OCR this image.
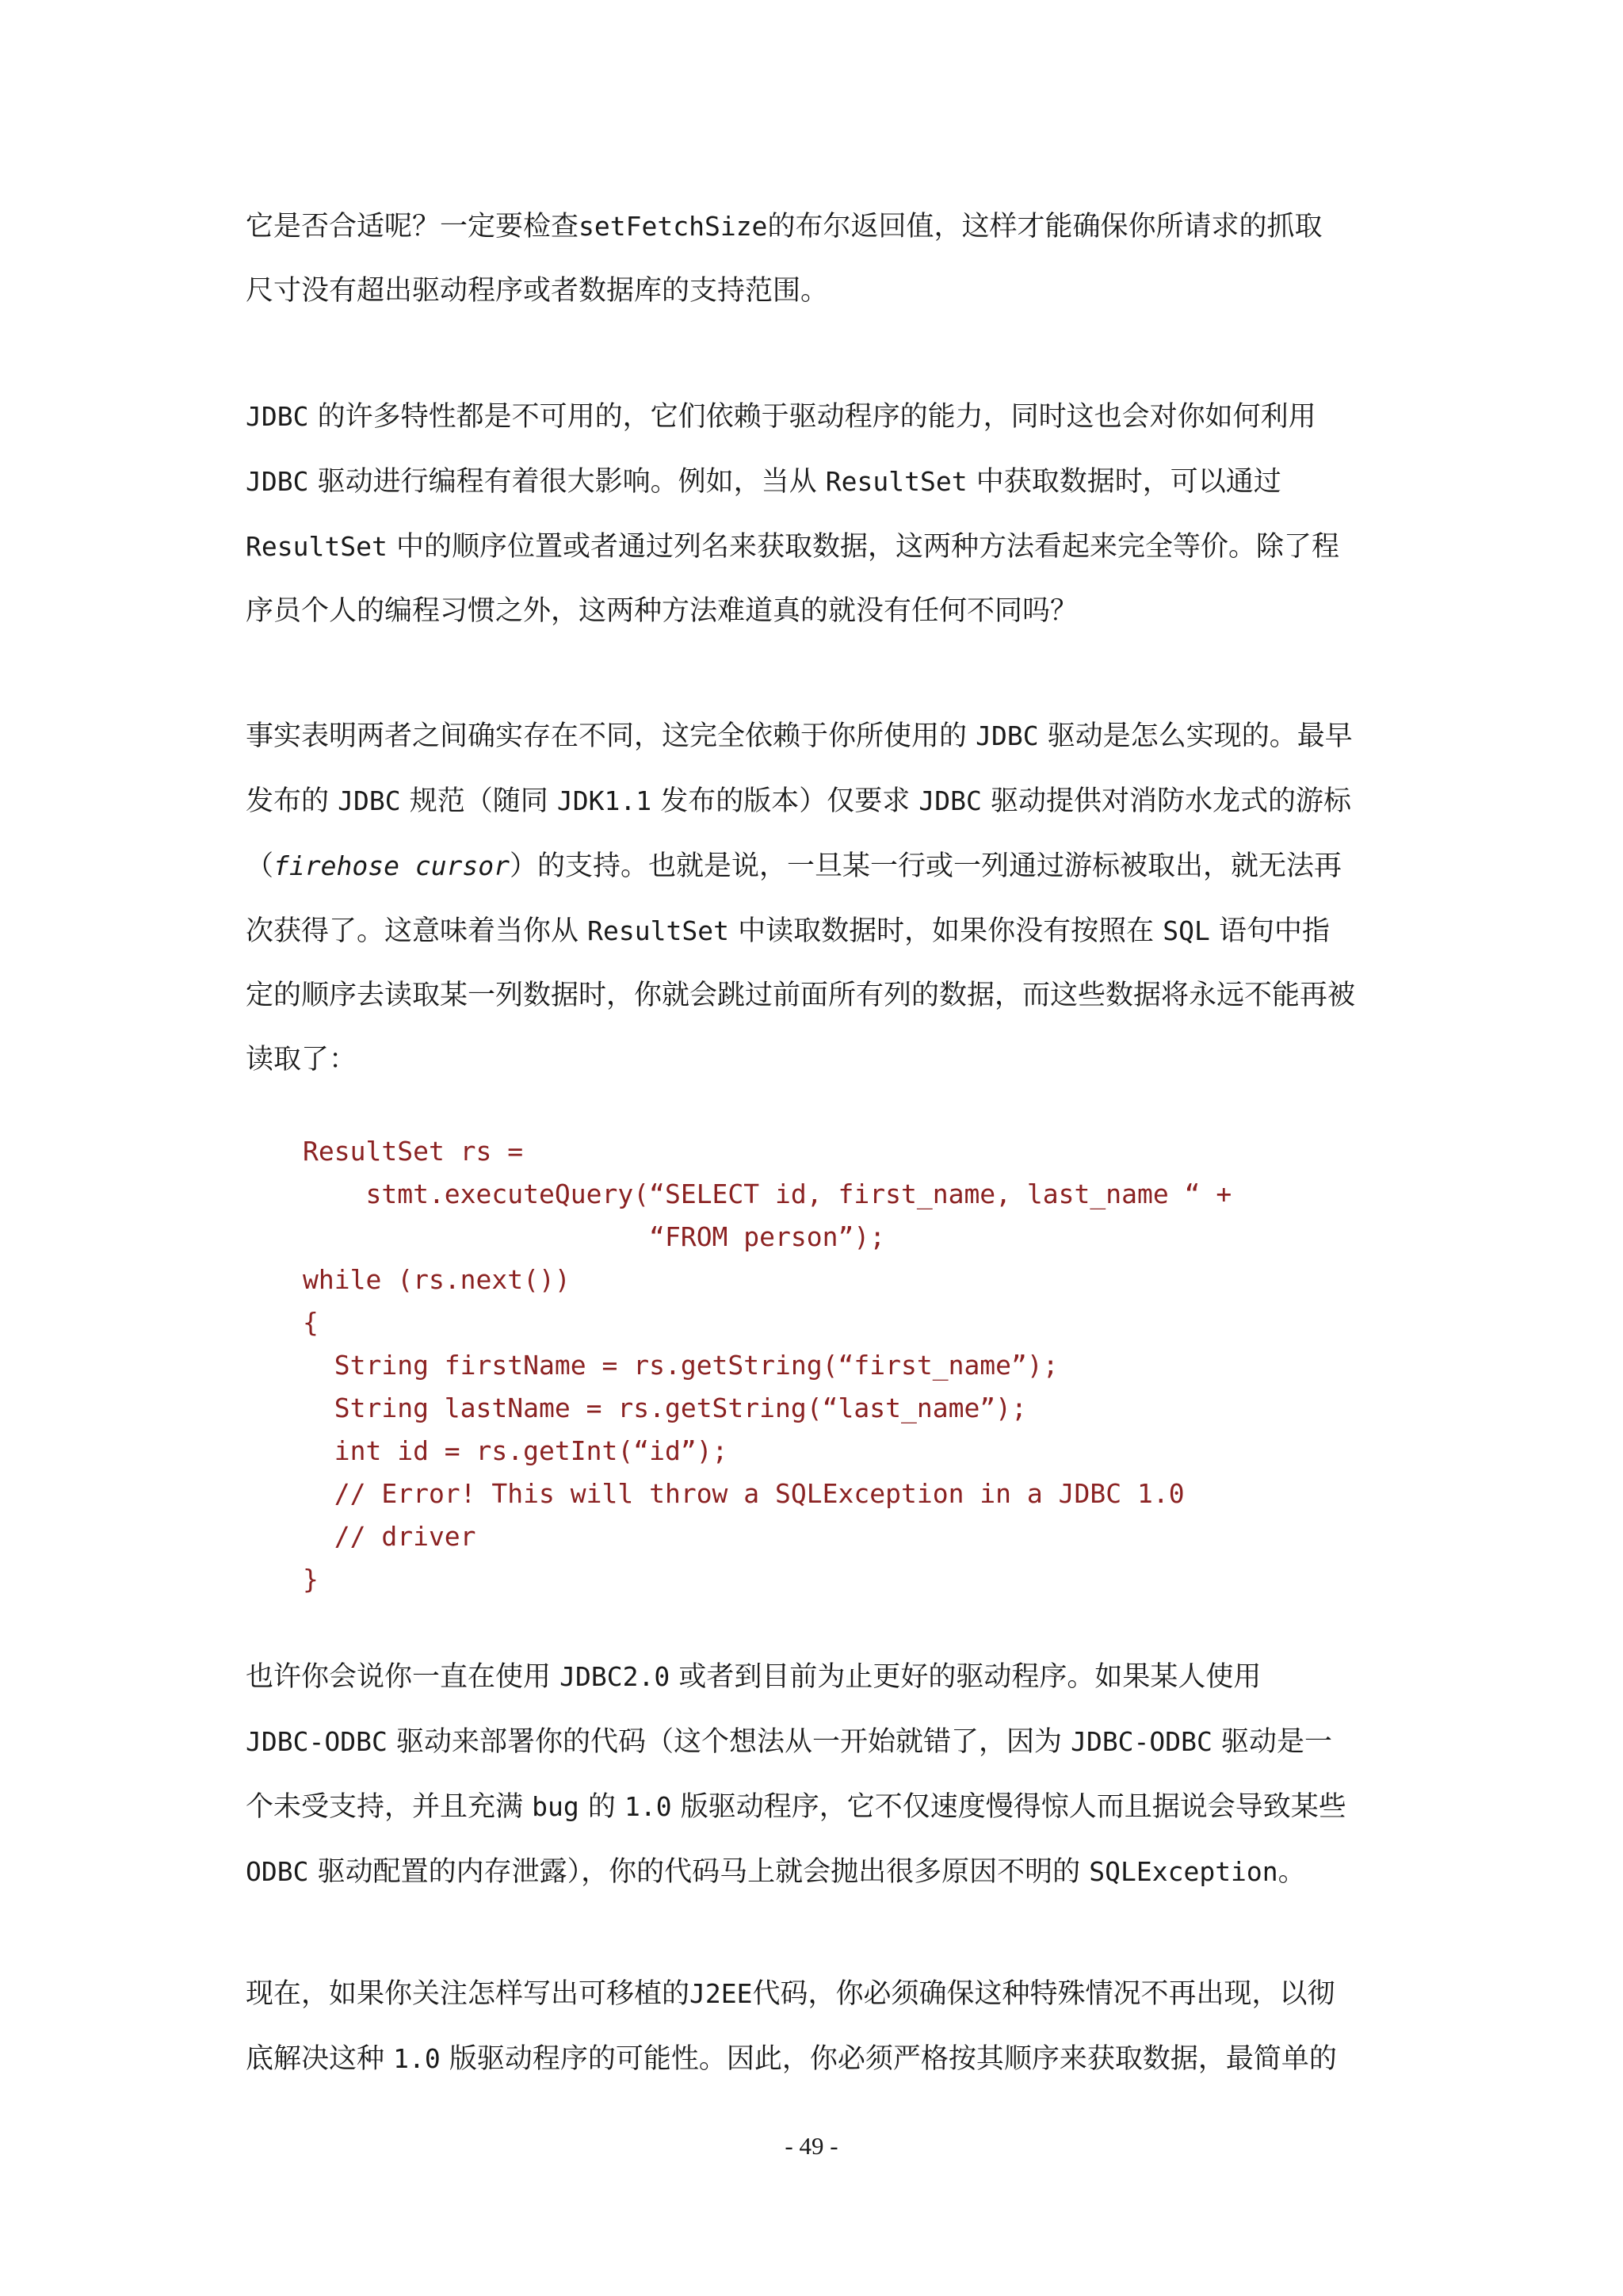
它是否合适呢？一定要检查setFetchSize的布尔返回值，这样才能确保你所请求的抓取
尺寸没有超出驱动程序或者数据库的支持范围。

JDBC 的许多特性都是不可用的，它们依赖于驱动程序的能力，同时这也会对你如何利用
JDBC 驱动进行编程有着很大影响。例如，当从 ResultSet 中获取数据时，可以通过
ResultSet 中的顺序位置或者通过列名来获取数据，这两种方法看起来完全等价。除了程
序员个人的编程习惯之外，这两种方法难道真的就没有任何不同吗？

事实表明两者之间确实存在不同，这完全依赖于你所使用的 JDBC 驱动是怎么实现的。最早
发布的 JDBC 规范（随同 JDK1.1 发布的版本）仅要求 JDBC 驱动提供对消防水龙式的游标
（firehose cursor）的支持。也就是说，一旦某一行或一列通过游标被取出，就无法再
次获得了。这意味着当你从 ResultSet 中读取数据时，如果你没有按照在 SQL 语句中指
定的顺序去读取某一列数据时，你就会跳过前面所有列的数据，而这些数据将永远不能再被
读取了：

ResultSet rs =
stmt.executeQuery(“SELECT id, first_name, last_name “ +
“FROM person”);
while (rs.next())
{
String firstName = rs.getString(“first_name”);
String lastName = rs.getString(“last_name”);
int id = rs.getInt(“id”);
// Error! This will throw a SQLException in a JDBC 1.0
// driver
}

也许你会说你一直在使用 JDBC2.0 或者到目前为止更好的驱动程序。如果某人使用
JDBC-ODBC 驱动来部署你的代码（这个想法从一开始就错了，因为 JDBC-ODBC 驱动是一
个未受支持，并且充满 bug 的 1.0 版驱动程序，它不仅速度慢得惊人而且据说会导致某些
ODBC 驱动配置的内存泄露），你的代码马上就会抛出很多原因不明的 SQLException。

现在，如果你关注怎样写出可移植的J2EE代码，你必须确保这种特殊情况不再出现，以彻
底解决这种 1.0 版驱动程序的可能性。因此，你必须严格按其顺序来获取数据，最简单的

- 49 -
